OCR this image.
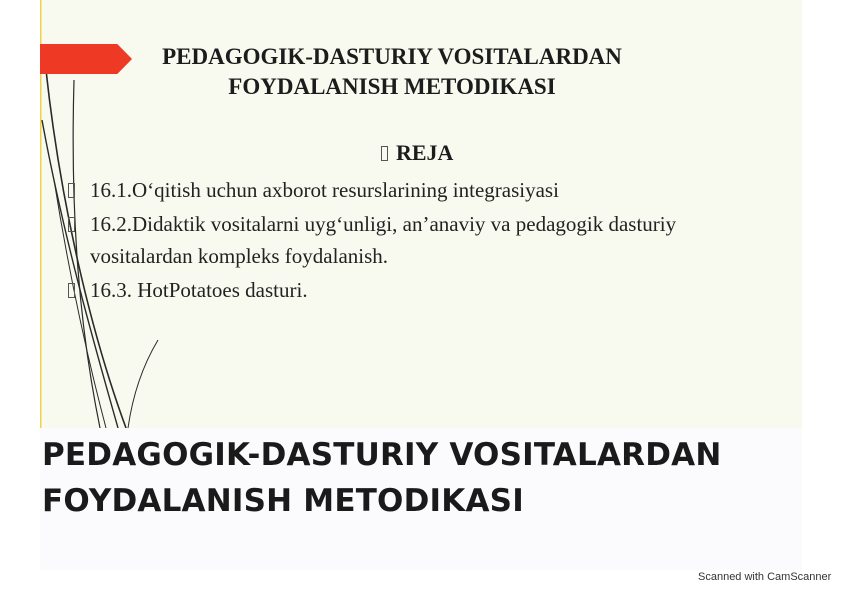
PEDAGOGIK-DASTURIY VOSITALARDAN FOYDALANISH METODIKASI
REJA
16.1.O‘qitish uchun axborot resurslarining integrasiyasi
16.2.Didaktik vositalarni uyg‘unligi, an’anaviy va pedagogik dasturiy vositalardan kompleks foydalanish.
16.3. HotPotatoes dasturi.

PEDAGOGIK-DASTURIY VOSITALARDAN FOYDALANISH METODIKASI

Scanned with CamScanner
